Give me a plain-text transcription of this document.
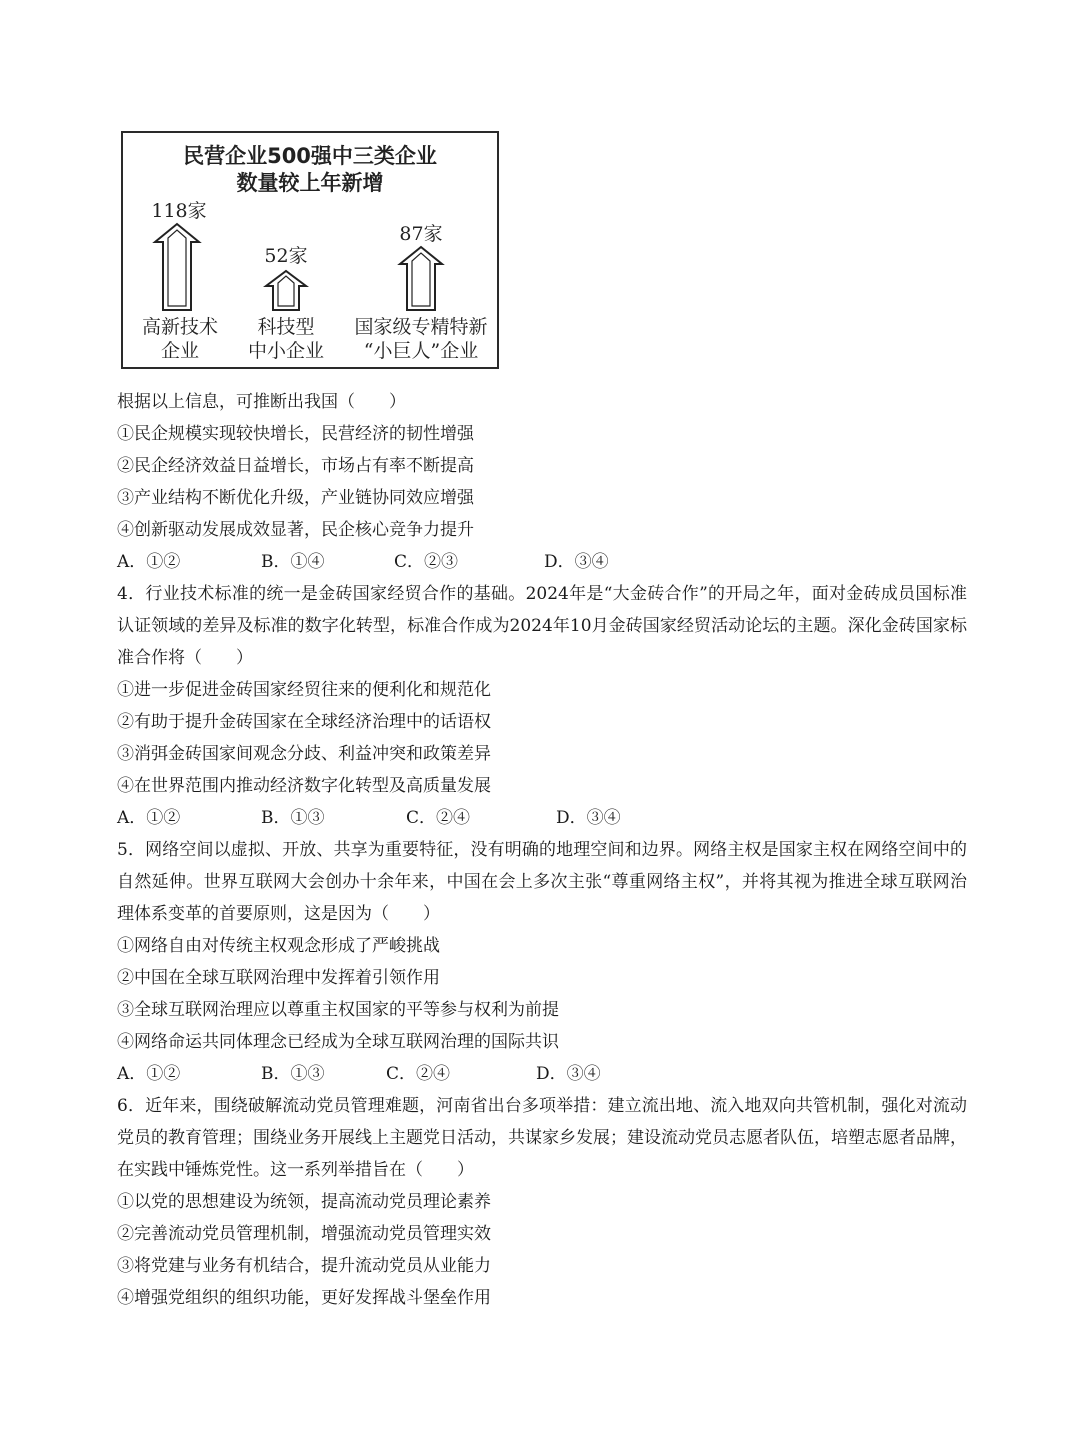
民营企业500强中三类企业
数量较上年新增
118家
52家
87家
高新技术
企业
科技型
中小企业
国家级专精特新
“小巨人”企业
根据以上信息，可推断出我国（　　）
①民企规模实现较快增长，民营经济的韧性增强
②民企经济效益日益增长，市场占有率不断提高
③产业结构不断优化升级，产业链协同效应增强
④创新驱动发展成效显著，民企核心竞争力提升
A．①②	B．①④	C．②③	D．③④
4．行业技术标准的统一是金砖国家经贸合作的基础。2024年是“大金砖合作”的开局之年，面对金砖成员国标准认证领域的差异及标准的数字化转型，标准合作成为2024年10月金砖国家经贸活动论坛的主题。深化金砖国家标准合作将（　　）
①进一步促进金砖国家经贸往来的便利化和规范化
②有助于提升金砖国家在全球经济治理中的话语权
③消弭金砖国家间观念分歧、利益冲突和政策差异
④在世界范围内推动经济数字化转型及高质量发展
A．①②	B．①③	C．②④	D．③④
5．网络空间以虚拟、开放、共享为重要特征，没有明确的地理空间和边界。网络主权是国家主权在网络空间中的自然延伸。世界互联网大会创办十余年来，中国在会上多次主张“尊重网络主权”，并将其视为推进全球互联网治理体系变革的首要原则，这是因为（　　）
①网络自由对传统主权观念形成了严峻挑战
②中国在全球互联网治理中发挥着引领作用
③全球互联网治理应以尊重主权国家的平等参与权利为前提
④网络命运共同体理念已经成为全球互联网治理的国际共识
A．①②	B．①③	C．②④	D．③④
6．近年来，围绕破解流动党员管理难题，河南省出台多项举措：建立流出地、流入地双向共管机制，强化对流动党员的教育管理；围绕业务开展线上主题党日活动，共谋家乡发展；建设流动党员志愿者队伍，培塑志愿者品牌，在实践中锤炼党性。这一系列举措旨在（　　）
①以党的思想建设为统领，提高流动党员理论素养
②完善流动党员管理机制，增强流动党员管理实效
③将党建与业务有机结合，提升流动党员从业能力
④增强党组织的组织功能，更好发挥战斗堡垒作用
